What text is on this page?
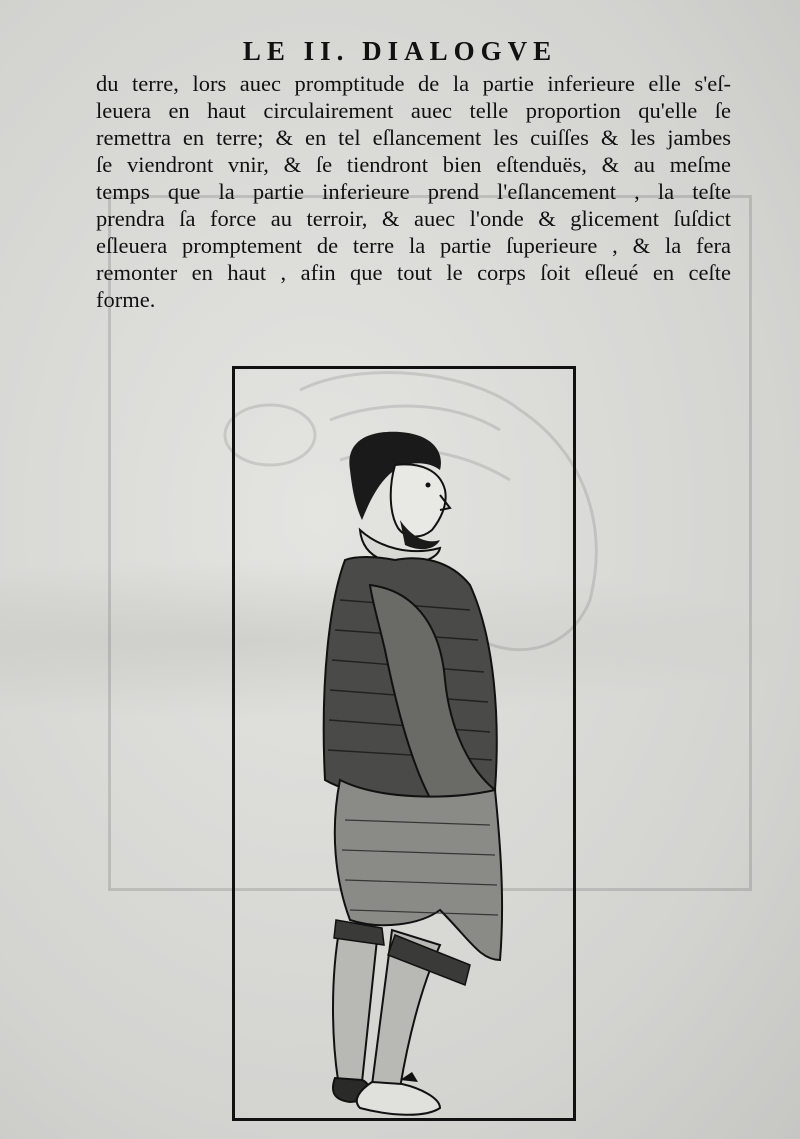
LE II. DIALOGVE
du terre, lors auec promptitude de la partie inferieure elle s'eſ-
leuera en haut circulairement auec telle proportion qu'elle ſe
remettra en terre; & en tel eſlancement les cuiſſes & les jambes
ſe viendront vnir, & ſe tiendront bien eſtenduës, & au meſme
temps que la partie inferieure prend l'eſlancement , la teſte
prendra ſa force au terroir, & auec l'onde & glicement ſuſdict
eſleuera promptement de terre la partie ſuperieure , & la fera
remonter en haut , afin que tout le corps ſoit eſleué en ceſte
forme.
